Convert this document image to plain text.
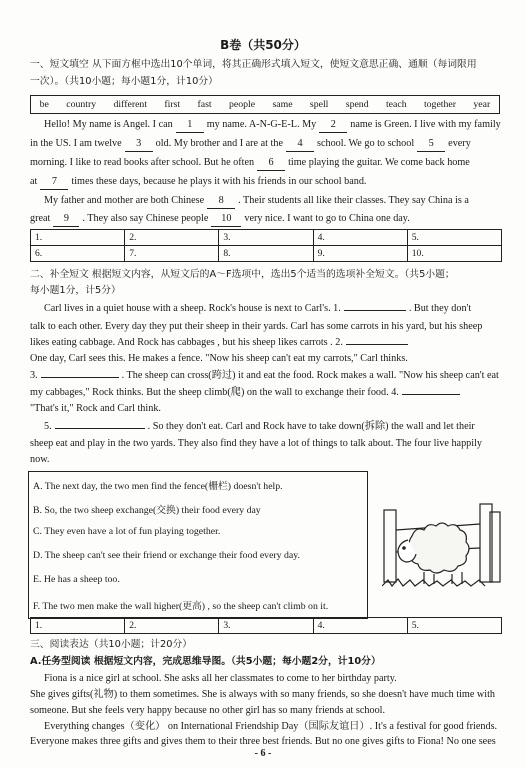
B卷（共50分）
一、短文填空 从下面方框中选出10个单词，将其正确形式填入短文，使短文意思正确、通顺（每词限用
一次）。（共10小题；每小题1分，计10分）
be country different first fast people same spell spend teach together year
Hello! My name is Angel. I can 1 my name. A-N-G-E-L. My 2 name is Green. I live with my family
in the US. I am twelve 3 old. My brother and I are at the 4 school. We go to school 5 every
morning. I like to read books after school. But he often 6 time playing the guitar. We come back home
at 7 times these days, because he plays it with his friends in our school band.
My father and mother are both Chinese 8 . Their students all like their classes. They say China is a
great 9 . They also say Chinese people 10 very nice. I want to go to China one day.
1.	2.	3.	4.	5.
6.	7.	8.	9.	10.
二、补全短文 根据短文内容，从短文后的A～F选项中，选出5个适当的选项补全短文。（共5小题；
每小题1分，计5分）
Carl lives in a quiet house with a sheep. Rock's house is next to Carl's. 1.	. But they don't
talk to each other. Every day they put their sheep in their yards. Carl has some carrots in his yard, but his sheep
likes eating cabbage. And Rock has cabbages , but his sheep likes carrots . 2.
One day, Carl sees this. He makes a fence. "Now his sheep can't eat my carrots," Carl thinks.
3.	. The sheep can cross(跨过) it and eat the food. Rock makes a wall. "Now his sheep can't eat
my cabbages," Rock thinks. But the sheep climb(爬) on the wall to exchange their food. 4.
"That's it," Rock and Carl think.
5.	. So they don't eat. Carl and Rock have to take down(拆除) the wall and let their
sheep eat and play in the two yards. They also find they have a lot of things to talk about. The four live happily
now.
A. The next day, the two men find the fence(栅栏) doesn't help.
B. So, the two sheep exchange(交换) their food every day
C. They even have a lot of fun playing together.
D. The sheep can't see their friend or exchange their food every day.
E. He has a sheep too.
F. The two men make the wall higher(更高) , so the sheep can't climb on it.
1.	2.	3.	4.	5.
三、阅读表达（共10小题；计20分）
A.任务型阅读 根据短文内容，完成思维导图。（共5小题；每小题2分，计10分）
Fiona is a nice girl at school. She asks all her classmates to come to her birthday party.
She gives gifts(礼物) to them sometimes. She is always with so many friends, so she doesn't have much time with
someone. But she feels very happy because no other girl has so many friends at school.
Everything changes（变化） on International Friendship Day（国际友谊日）. It's a festival for good friends.
Everyone makes three gifts and gives them to their three best friends. But no one gives gifts to Fiona! No one sees
- 6 -
